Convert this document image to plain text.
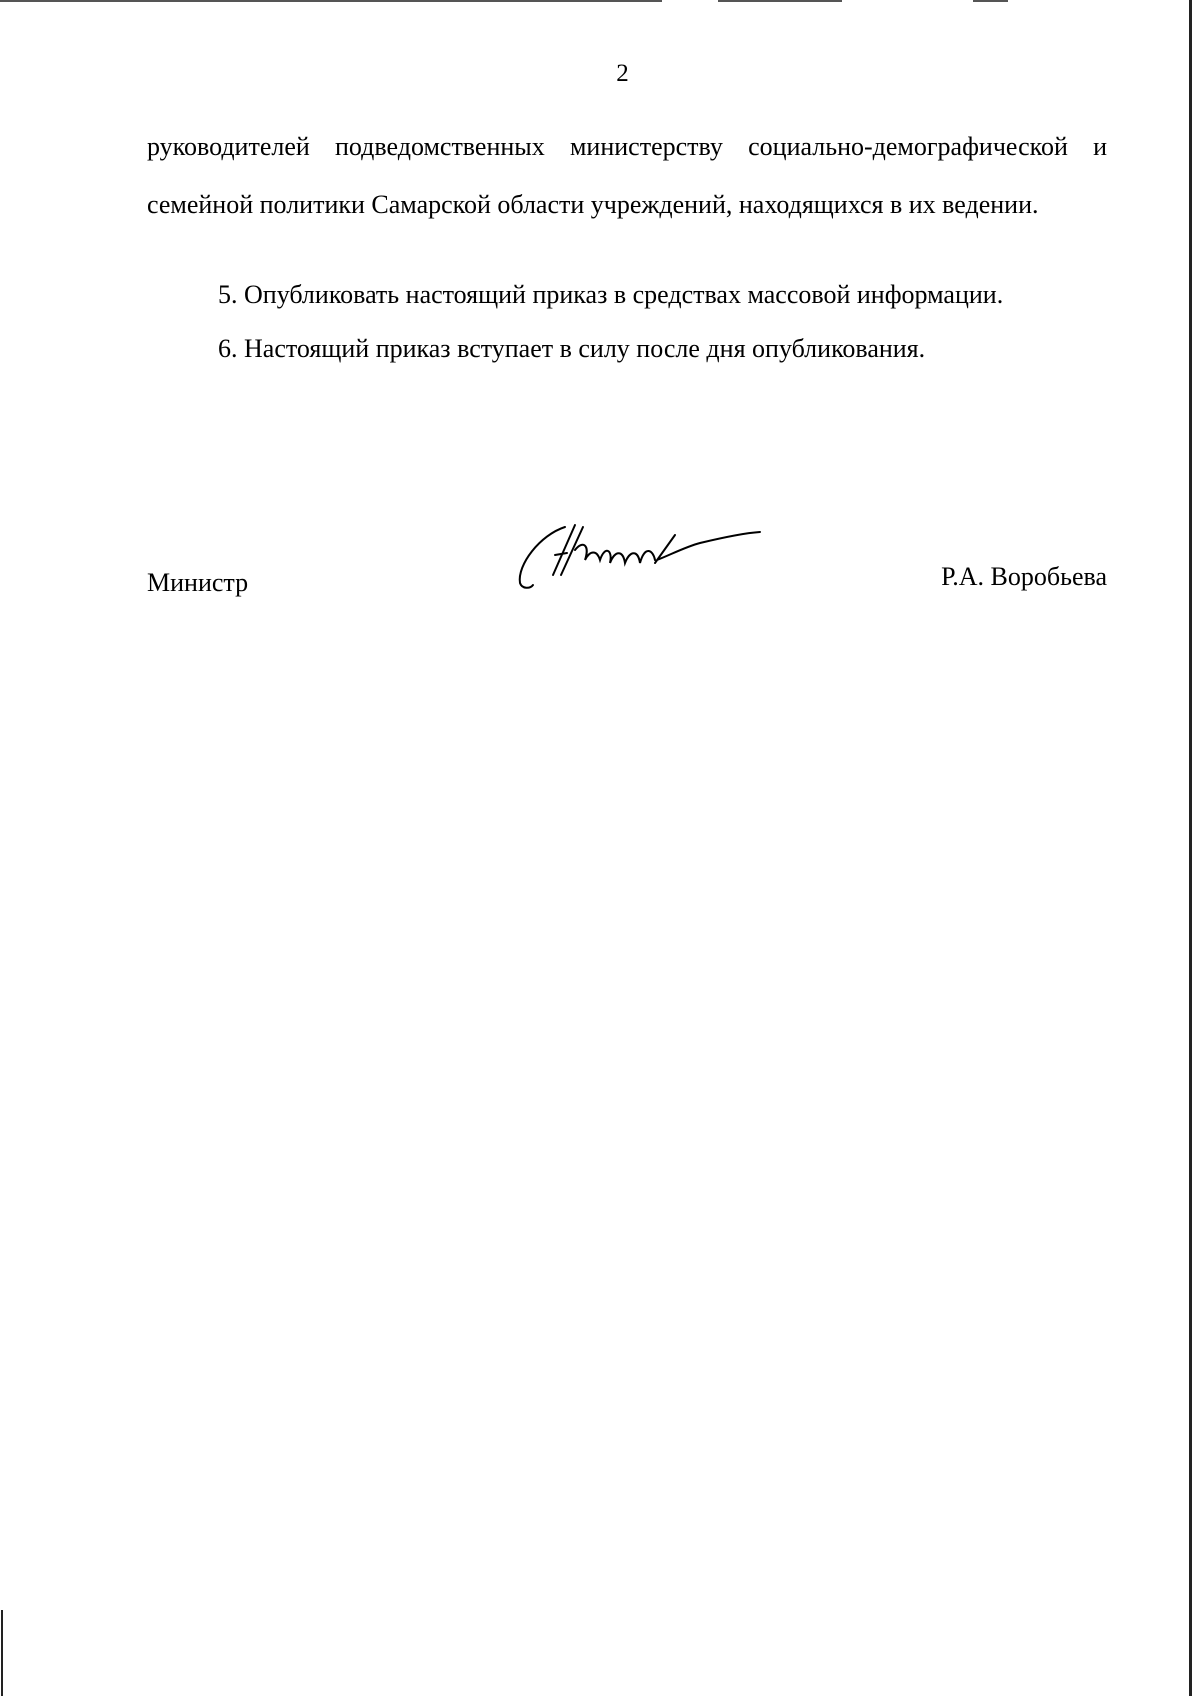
2
руководителей подведомственных министерству социально-демографической и семейной политики Самарской области учреждений, находящихся в их ведении.
5. Опубликовать настоящий приказ в средствах массовой информации.
6. Настоящий приказ вступает в силу после дня опубликования.
Министр	Р.А. Воробьева
